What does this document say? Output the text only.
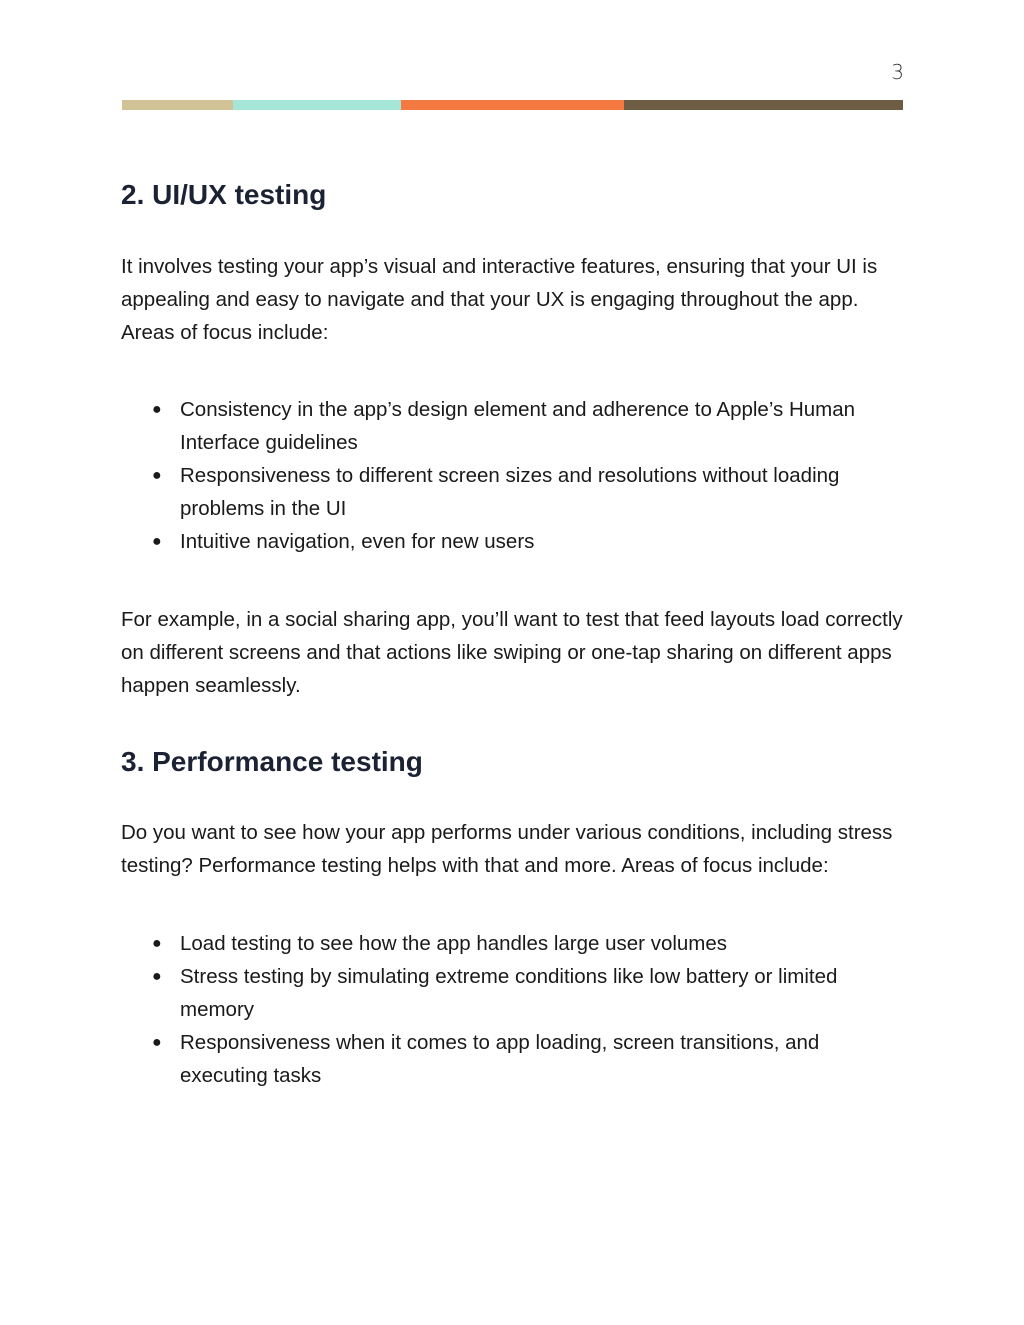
3
2. UI/UX testing

It involves testing your app’s visual and interactive features, ensuring that your UI is appealing and easy to navigate and that your UX is engaging throughout the app. Areas of focus include:

● Consistency in the app’s design element and adherence to Apple’s Human Interface guidelines
● Responsiveness to different screen sizes and resolutions without loading problems in the UI
● Intuitive navigation, even for new users

For example, in a social sharing app, you’ll want to test that feed layouts load correctly on different screens and that actions like swiping or one-tap sharing on different apps happen seamlessly.

3. Performance testing

Do you want to see how your app performs under various conditions, including stress testing? Performance testing helps with that and more. Areas of focus include:

● Load testing to see how the app handles large user volumes
● Stress testing by simulating extreme conditions like low battery or limited memory
● Responsiveness when it comes to app loading, screen transitions, and executing tasks
